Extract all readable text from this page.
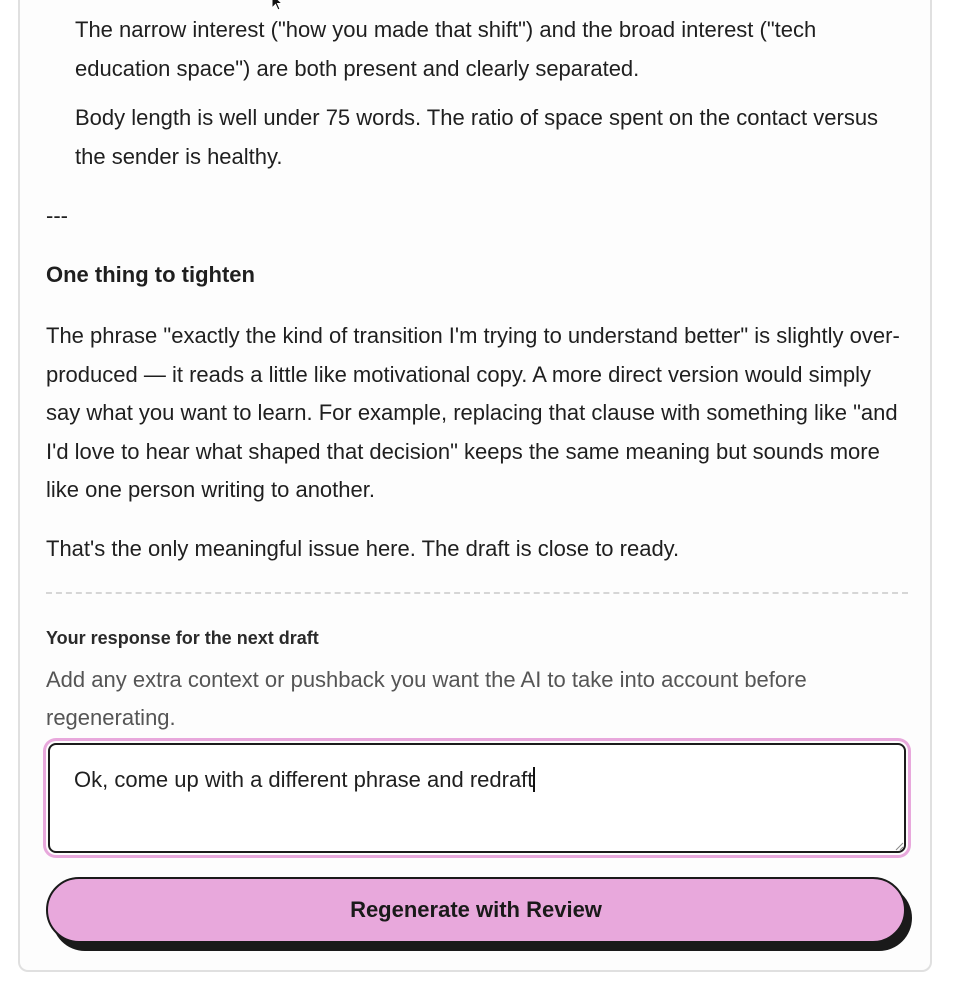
The narrow interest ("how you made that shift") and the broad interest ("tech education space") are both present and clearly separated.

Body length is well under 75 words. The ratio of space spent on the contact versus the sender is healthy.

---
One thing to tighten

The phrase "exactly the kind of transition I'm trying to understand better" is slightly over-produced — it reads a little like motivational copy. A more direct version would simply say what you want to learn. For example, replacing that clause with something like "and I'd love to hear what shaped that decision" keeps the same meaning but sounds more like one person writing to another.

That's the only meaningful issue here. The draft is close to ready.

Your response for the next draft

Add any extra context or pushback you want the AI to take into account before regenerating.

Ok, come up with a different phrase and redraft
Regenerate with Review
